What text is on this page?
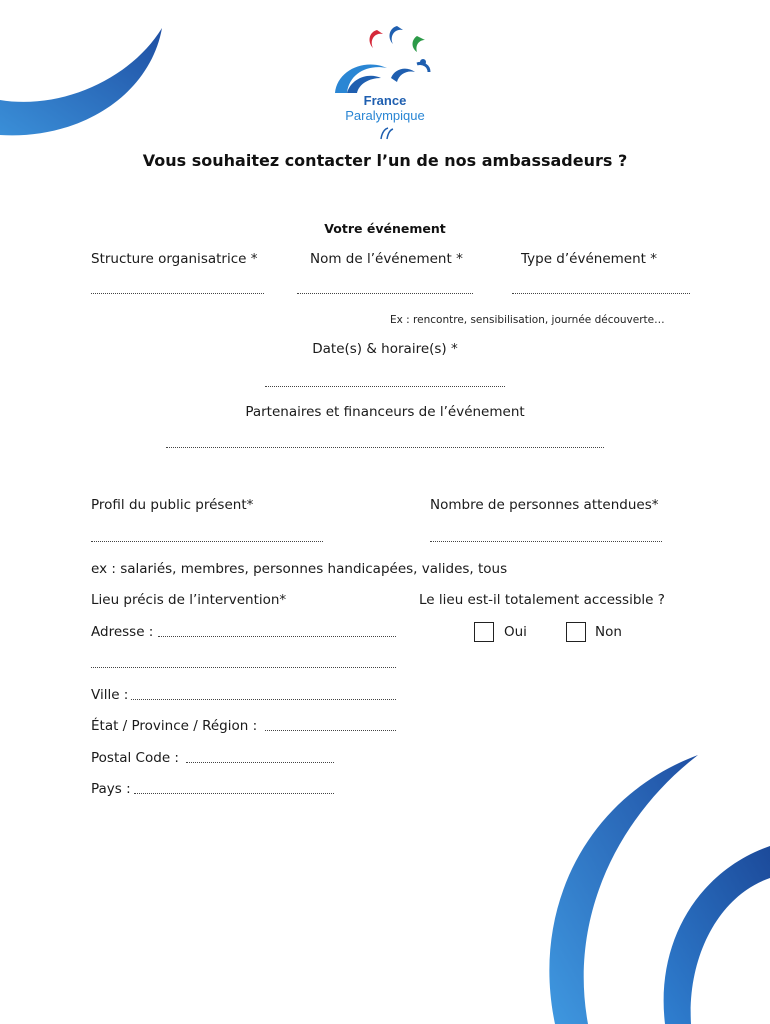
France
Paralympique
Vous souhaitez contacter l’un de nos ambassadeurs ?
Votre événement
Structure organisatrice *	Nom de l’événement *	Type d’événement *
Ex : rencontre, sensibilisation, journée découverte…
Date(s) & horaire(s) *
Partenaires et financeurs de l’événement
Profil du public présent*	Nombre de personnes attendues*
ex : salariés, membres, personnes handicapées, valides, tous
Lieu précis de l’intervention*	Le lieu est-il totalement accessible ?
Oui	Non
Adresse :
Ville :
État / Province / Région :
Postal Code :
Pays :
